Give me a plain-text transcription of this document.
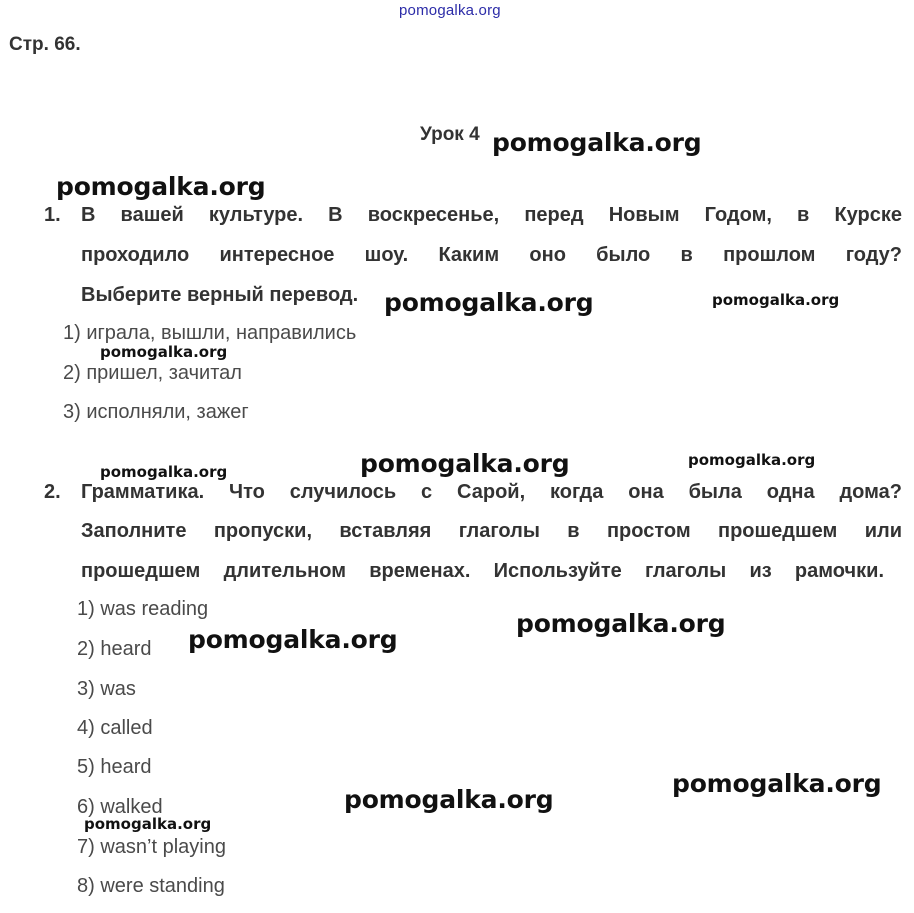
pomogalka.org
Стр. 66.
Урок 4
1. В вашей культуре. В воскресенье, перед Новым Годом, в Курске
проходило интересное шоу. Каким оно было в прошлом году?
Выберите верный перевод.
1) играла, вышли, направились
2) пришел, зачитал
3) исполняли, зажег
2. Грамматика. Что случилось с Сарой, когда она была одна дома?
Заполните пропуски, вставляя глаголы в простом прошедшем или
прошедшем длительном временах. Используйте глаголы из рамочки.
1) was reading
2) heard
3) was
4) called
5) heard
6) walked
7) wasn’t playing
8) were standing
pomogalka.org
pomogalka.org
pomogalka.org	pomogalka.org
pomogalka.org
pomogalka.org	pomogalka.org
pomogalka.org
pomogalka.org
pomogalka.org
pomogalka.org
pomogalka.org
pomogalka.org
